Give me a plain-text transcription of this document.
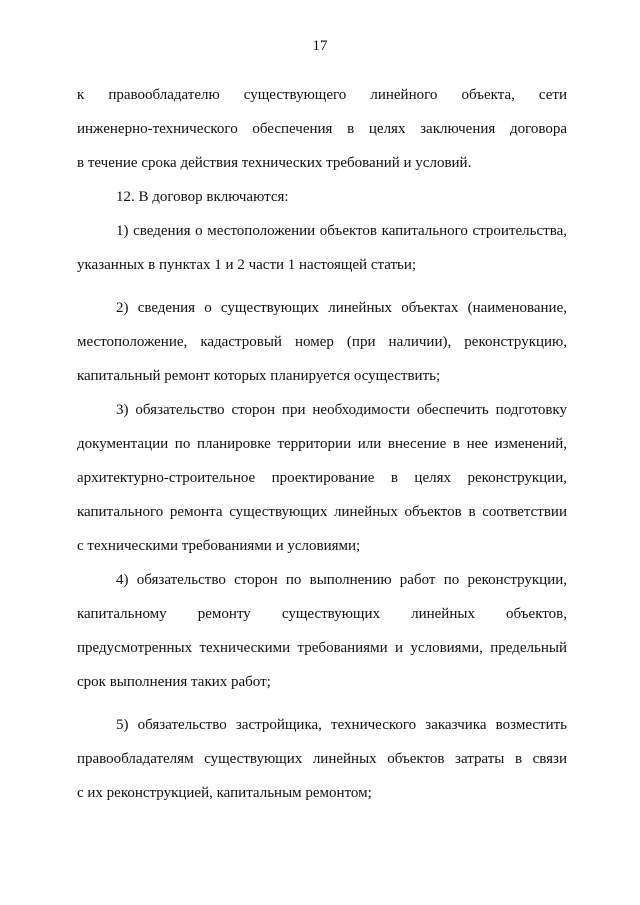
17
к правообладателю существующего линейного объекта, сети
инженерно-технического обеспечения в целях заключения договора
в течение срока действия технических требований и условий.
12. В договор включаются:
1) сведения о местоположении объектов капитального строительства,
указанных в пунктах 1 и 2 части 1 настоящей статьи;
2) сведения о существующих линейных объектах (наименование,
местоположение, кадастровый номер (при наличии), реконструкцию,
капитальный ремонт которых планируется осуществить;
3) обязательство сторон при необходимости обеспечить подготовку
документации по планировке территории или внесение в нее изменений,
архитектурно-строительное проектирование в целях реконструкции,
капитального ремонта существующих линейных объектов в соответствии
с техническими требованиями и условиями;
4) обязательство сторон по выполнению работ по реконструкции,
капитальному ремонту существующих линейных объектов,
предусмотренных техническими требованиями и условиями, предельный
срок выполнения таких работ;
5) обязательство застройщика, технического заказчика возместить
правообладателям существующих линейных объектов затраты в связи
с их реконструкцией, капитальным ремонтом;
